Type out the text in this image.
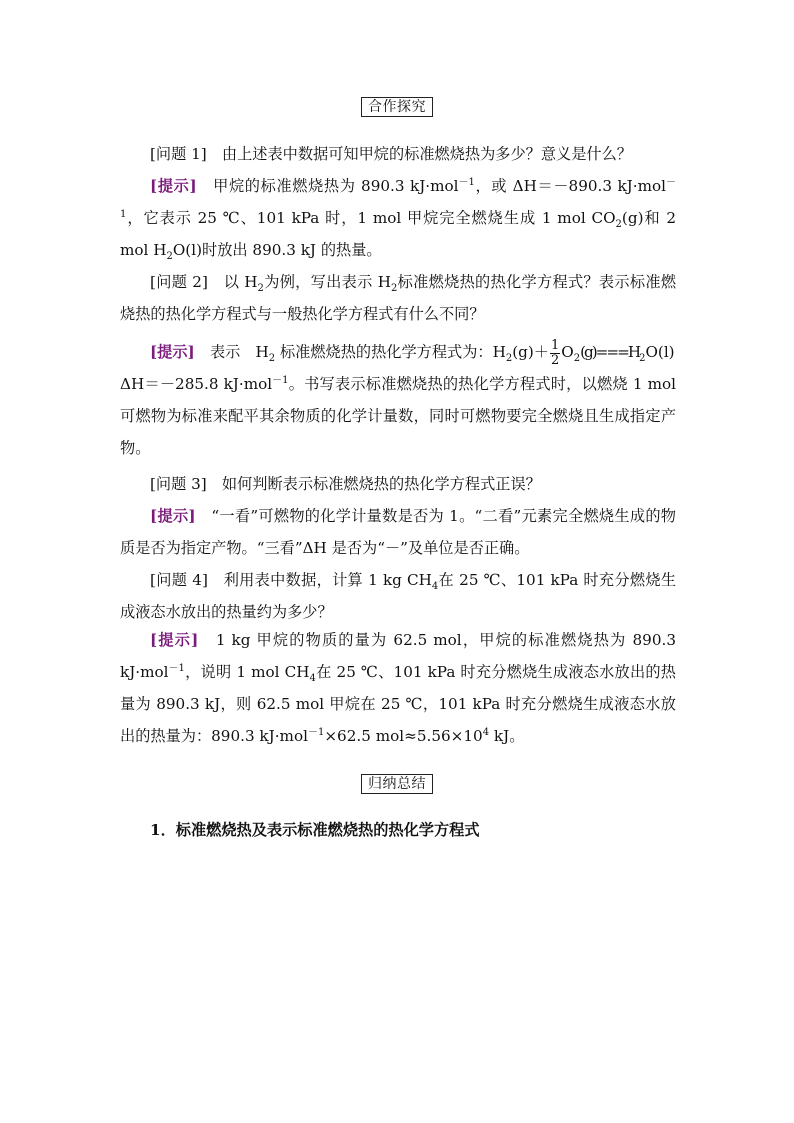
合作探究
[问题 1]　 由上述表中数据可知甲烷的标准燃烧热为多少？意义是什么？
[提示]　 甲烷的标准燃烧热为 890.3 kJ·mol$^{-1}$，或 ΔH＝－890.3 kJ·mol$^{-1}$，它表示 25 ℃、101 kPa 时，1 mol 甲烷完全燃烧生成 1 mol $CO_2(g)$和 2 mol $H_2O(l)$时放出 890.3 kJ 的热量。
[问题 2]　 以 $H_2$为例，写出表示 $H_2$标准燃烧热的热化学方程式？表示标准燃烧热的热化学方程式与一般热化学方程式有什么不同？
[提示]　 表示　$H_2$ 标准燃烧热的热化学方程式为：$H_2(g)+ \frac{1}{2} O_2(g)===H_2O(l)$
ΔH＝－285.8 kJ·mol$^{-1}$。书写表示标准燃烧热的热化学方程式时，以燃烧 1 mol 可燃物为标准来配平其余物质的化学计量数，同时可燃物要完全燃烧且生成指定产物。
[问题 3]　 如何判断表示标准燃烧热的热化学方程式正误？
[提示]　 “一看”可燃物的化学计量数是否为 1。“二看”元素完全燃烧生成的物质是否为指定产物。“三看”ΔH 是否为“－”及单位是否正确。
[问题 4]　 利用表中数据，计算 1 kg $CH_4$在 25 ℃、101 kPa 时充分燃烧生成液态水放出的热量约为多少？
[提示]　 1 kg 甲烷的物质的量为 62.5 mol，甲烷的标准燃烧热为 890.3 kJ·mol$^{-1}$，说明 1 mol $CH_4$在 25 ℃、101 kPa 时充分燃烧生成液态水放出的热量为 890.3 kJ，则 62.5 mol 甲烷在 25 ℃，101 kPa 时充分燃烧生成液态水放出的热量为：890.3 kJ·mol$^{-1}$×62.5 $mol\approx 5.56\times 10^4$ kJ。
归纳总结
1．标准燃烧热及表示标准燃烧热的热化学方程式
